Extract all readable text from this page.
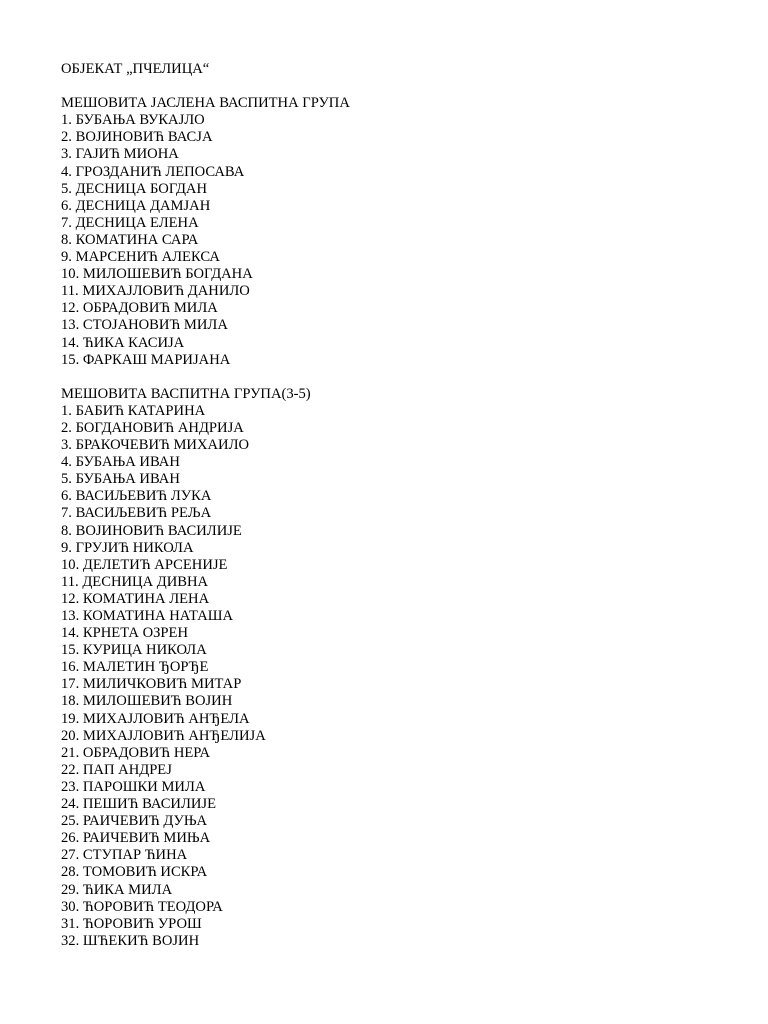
ОБЈЕКАТ „ПЧЕЛИЦА“
МЕШОВИТА ЈАСЛЕНА ВАСПИТНА ГРУПА
1. БУБАЊА ВУКАЈЛО
2. ВОЈИНОВИЋ ВАСЈА
3. ГАЈИЋ МИОНА
4. ГРОЗДАНИЋ ЛЕПОСАВА
5. ДЕСНИЦА БОГДАН
6. ДЕСНИЦА ДАМЈАН
7. ДЕСНИЦА ЕЛЕНА
8. КОМАТИНА САРА
9. МАРСЕНИЋ АЛЕКСА
10. МИЛОШЕВИЋ БОГДАНА
11. МИХАЈЛОВИЋ ДАНИЛО
12. ОБРАДОВИЋ МИЛА
13. СТОЈАНОВИЋ МИЛА
14. ЋИКА КАСИЈА
15. ФАРКАШ МАРИЈАНА
МЕШОВИТА ВАСПИТНА ГРУПА(3-5)
1. БАБИЋ КАТАРИНА
2. БОГДАНОВИЋ АНДРИЈА
3. БРАКОЧЕВИЋ МИХАИЛО
4. БУБАЊА ИВАН
5. БУБАЊА ИВАН
6. ВАСИЉЕВИЋ ЛУКА
7. ВАСИЉЕВИЋ РЕЉА
8. ВОЈИНОВИЋ ВАСИЛИЈЕ
9. ГРУЈИЋ НИКОЛА
10. ДЕЛЕТИЋ АРСЕНИЈЕ
11. ДЕСНИЦА ДИВНА
12. КОМАТИНА ЛЕНА
13. КОМАТИНА НАТАША
14. КРНЕТА ОЗРЕН
15. КУРИЦА НИКОЛА
16. МАЛЕТИН ЂОРЂЕ
17. МИЛИЧКОВИЋ МИТАР
18. МИЛОШЕВИЋ ВОЈИН
19. МИХАЈЛОВИЋ АНЂЕЛА
20. МИХАЈЛОВИЋ АНЂЕЛИЈА
21. ОБРАДОВИЋ НЕРА
22. ПАП АНДРЕЈ
23. ПАРОШКИ МИЛА
24. ПЕШИЋ ВАСИЛИЈЕ
25. РАИЧЕВИЋ ДУЊА
26. РАИЧЕВИЋ МИЊА
27. СТУПАР ЋИНА
28. ТОМОВИЋ ИСКРА
29. ЋИКА МИЛА
30. ЋОРОВИЋ ТЕОДОРА
31. ЋОРОВИЋ УРОШ
32. ШЋЕКИЋ ВОЈИН
